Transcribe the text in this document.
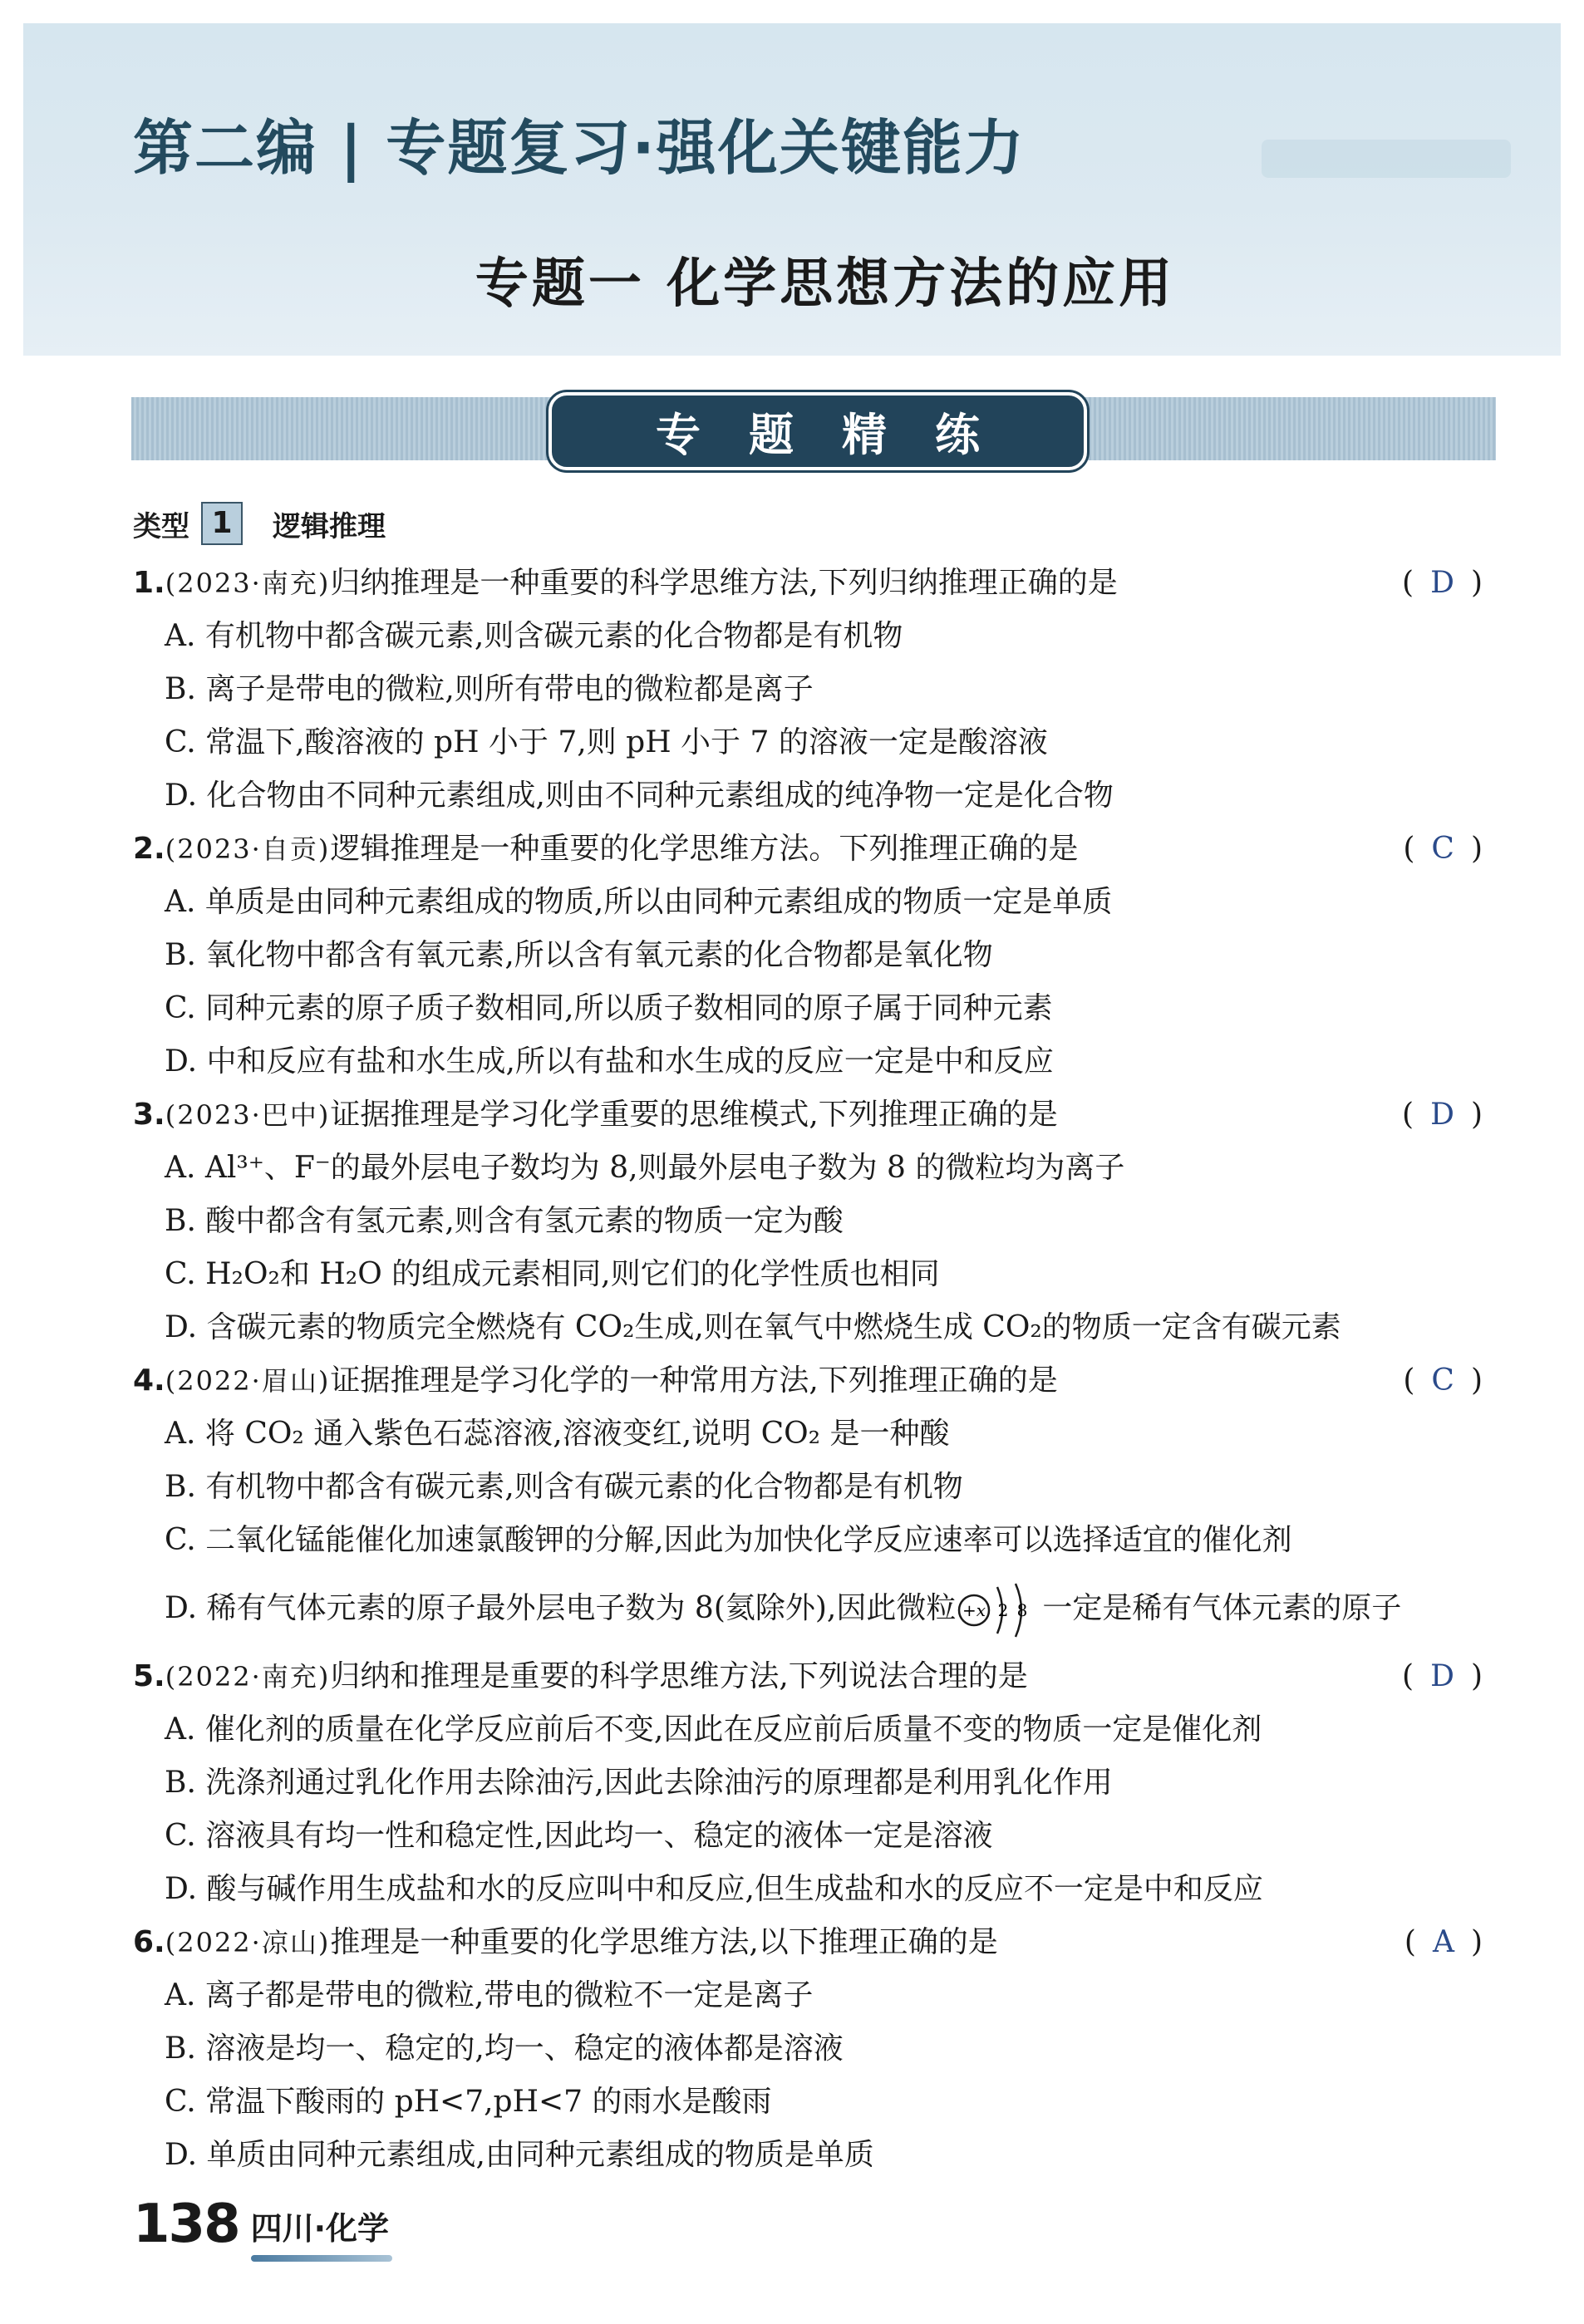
第二编 | 专题复习·强化关键能力
专题一 化学思想方法的应用
专题精练
类型 1	逻辑推理
1.(2023·南充)归纳推理是一种重要的科学思维方法,下列归纳推理正确的是	(D)
A. 有机物中都含碳元素,则含碳元素的化合物都是有机物
B. 离子是带电的微粒,则所有带电的微粒都是离子
C. 常温下,酸溶液的 pH 小于 7,则 pH 小于 7 的溶液一定是酸溶液
D. 化合物由不同种元素组成,则由不同种元素组成的纯净物一定是化合物
2.(2023·自贡)逻辑推理是一种重要的化学思维方法。下列推理正确的是	(C)
A. 单质是由同种元素组成的物质,所以由同种元素组成的物质一定是单质
B. 氧化物中都含有氧元素,所以含有氧元素的化合物都是氧化物
C. 同种元素的原子质子数相同,所以质子数相同的原子属于同种元素
D. 中和反应有盐和水生成,所以有盐和水生成的反应一定是中和反应
3.(2023·巴中)证据推理是学习化学重要的思维模式,下列推理正确的是	(D)
A. Al³⁺、F⁻的最外层电子数均为 8,则最外层电子数为 8 的微粒均为离子
B. 酸中都含有氢元素,则含有氢元素的物质一定为酸
C. H₂O₂和 H₂O 的组成元素相同,则它们的化学性质也相同
D. 含碳元素的物质完全燃烧有 CO₂生成,则在氧气中燃烧生成 CO₂的物质一定含有碳元素
4.(2022·眉山)证据推理是学习化学的一种常用方法,下列推理正确的是	(C)
A. 将 CO₂ 通入紫色石蕊溶液,溶液变红,说明 CO₂ 是一种酸
B. 有机物中都含有碳元素,则含有碳元素的化合物都是有机物
C. 二氧化锰能催化加速氯酸钾的分解,因此为加快化学反应速率可以选择适宜的催化剂
D. 稀有气体元素的原子最外层电子数为 8(氦除外),因此微粒 +x 2 8 一定是稀有气体元素的原子
5.(2022·南充)归纳和推理是重要的科学思维方法,下列说法合理的是	(D)
A. 催化剂的质量在化学反应前后不变,因此在反应前后质量不变的物质一定是催化剂
B. 洗涤剂通过乳化作用去除油污,因此去除油污的原理都是利用乳化作用
C. 溶液具有均一性和稳定性,因此均一、稳定的液体一定是溶液
D. 酸与碱作用生成盐和水的反应叫中和反应,但生成盐和水的反应不一定是中和反应
6.(2022·凉山)推理是一种重要的化学思维方法,以下推理正确的是	(A)
A. 离子都是带电的微粒,带电的微粒不一定是离子
B. 溶液是均一、稳定的,均一、稳定的液体都是溶液
C. 常温下酸雨的 pH<7,pH<7 的雨水是酸雨
D. 单质由同种元素组成,由同种元素组成的物质是单质
138 四川·化学
